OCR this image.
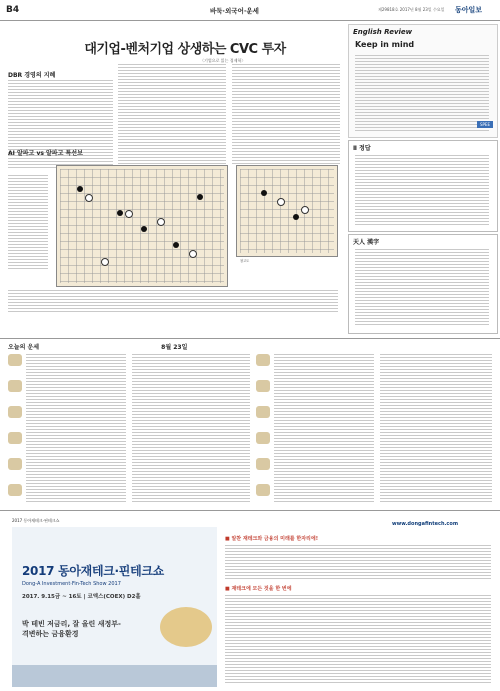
B4	바둑·외국어·운세	제29818호 2017년 8월 23일 수요일 동아일보
대기업-벤처기업 상생하는 CVC 투자
〈기업으로 읽는 경제학〉
DBR 경영의 지혜
English Review
Keep in mind
SPEE
Ⅱ 정답
天人 漢字
AI 알파고 vs 알파고 특선보
참고도
오늘의 운세	8월 23일
2017 동아재테크·핀테크쇼
www.dongafintech.com
2017 동아재테크·핀테크쇼
Dong-A Investment·Fin-Tech Show 2017
2017. 9.15금 ~ 16토 | 코엑스(COEX) D2홀
박 테빈 저금리, 잘 올린 새정부-
격변하는 금융환경
■ 알찬 재테크와 금융의 미래를 한자리에!
■ 재테크에 모든 것을 한 번에
